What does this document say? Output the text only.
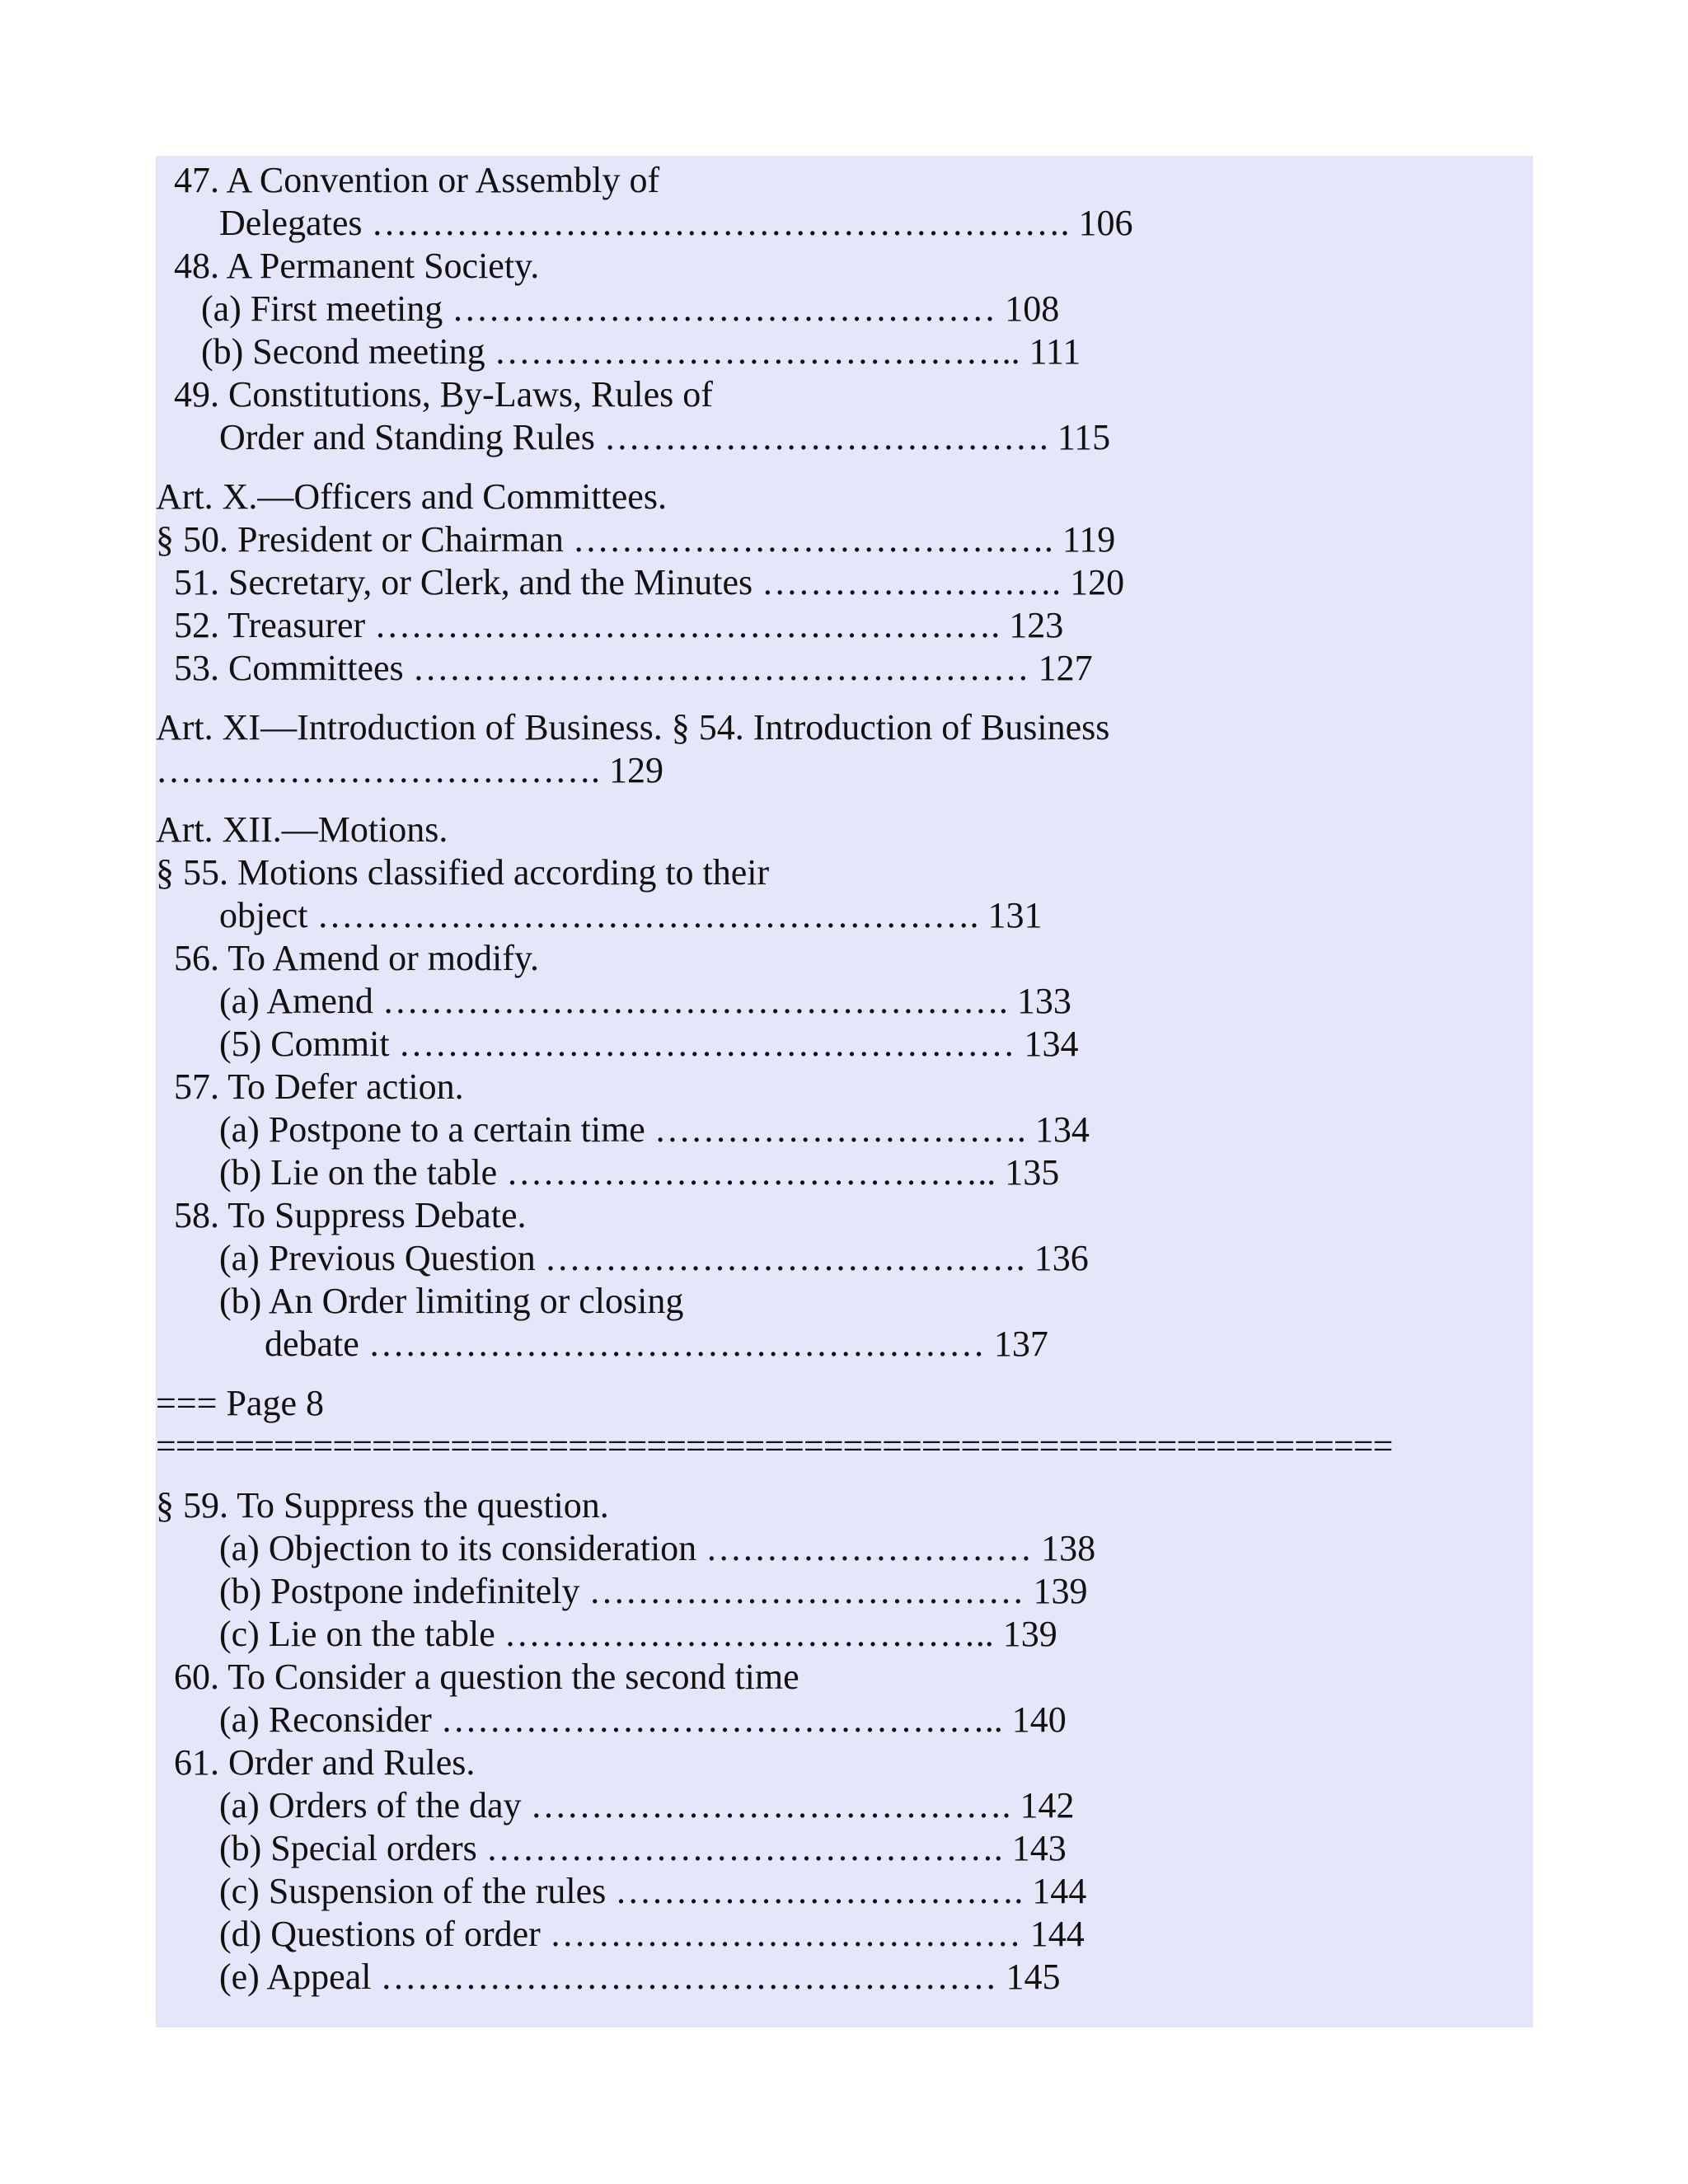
47. A Convention or Assembly of
Delegates …………………………………………………. 106
48. A Permanent Society.
(a) First meeting ……………………………………… 108
(b) Second meeting …………………………………….. 111
49. Constitutions, By-Laws, Rules of
Order and Standing Rules ………………………………. 115
Art. X.—Officers and Committees.
§ 50. President or Chairman …………………………………. 119
51. Secretary, or Clerk, and the Minutes ……………………. 120
52. Treasurer ……………………………………………. 123
53. Committees …………………………………………… 127
Art. XI—Introduction of Business. § 54. Introduction of Business
………………………………. 129
Art. XII.—Motions.
§ 55. Motions classified according to their
object ………………………………………………. 131
56. To Amend or modify.
(a) Amend ……………………………………………. 133
(5) Commit …………………………………………… 134
57. To Defer action.
(a) Postpone to a certain time …………………………. 134
(b) Lie on the table ………………………………….. 135
58. To Suppress Debate.
(a) Previous Question …………………………………. 136
(b) An Order limiting or closing
debate …………………………………………… 137
=== Page 8
===============================================================
§ 59. To Suppress the question.
(a) Objection to its consideration ……………………… 138
(b) Postpone indefinitely ……………………………… 139
(c) Lie on the table ………………………………….. 139
60. To Consider a question the second time
(a) Reconsider ……………………………………….. 140
61. Order and Rules.
(a) Orders of the day …………………………………. 142
(b) Special orders ……………………………………. 143
(c) Suspension of the rules ……………………………. 144
(d) Questions of order ………………………………… 144
(e) Appeal …………………………………………… 145
